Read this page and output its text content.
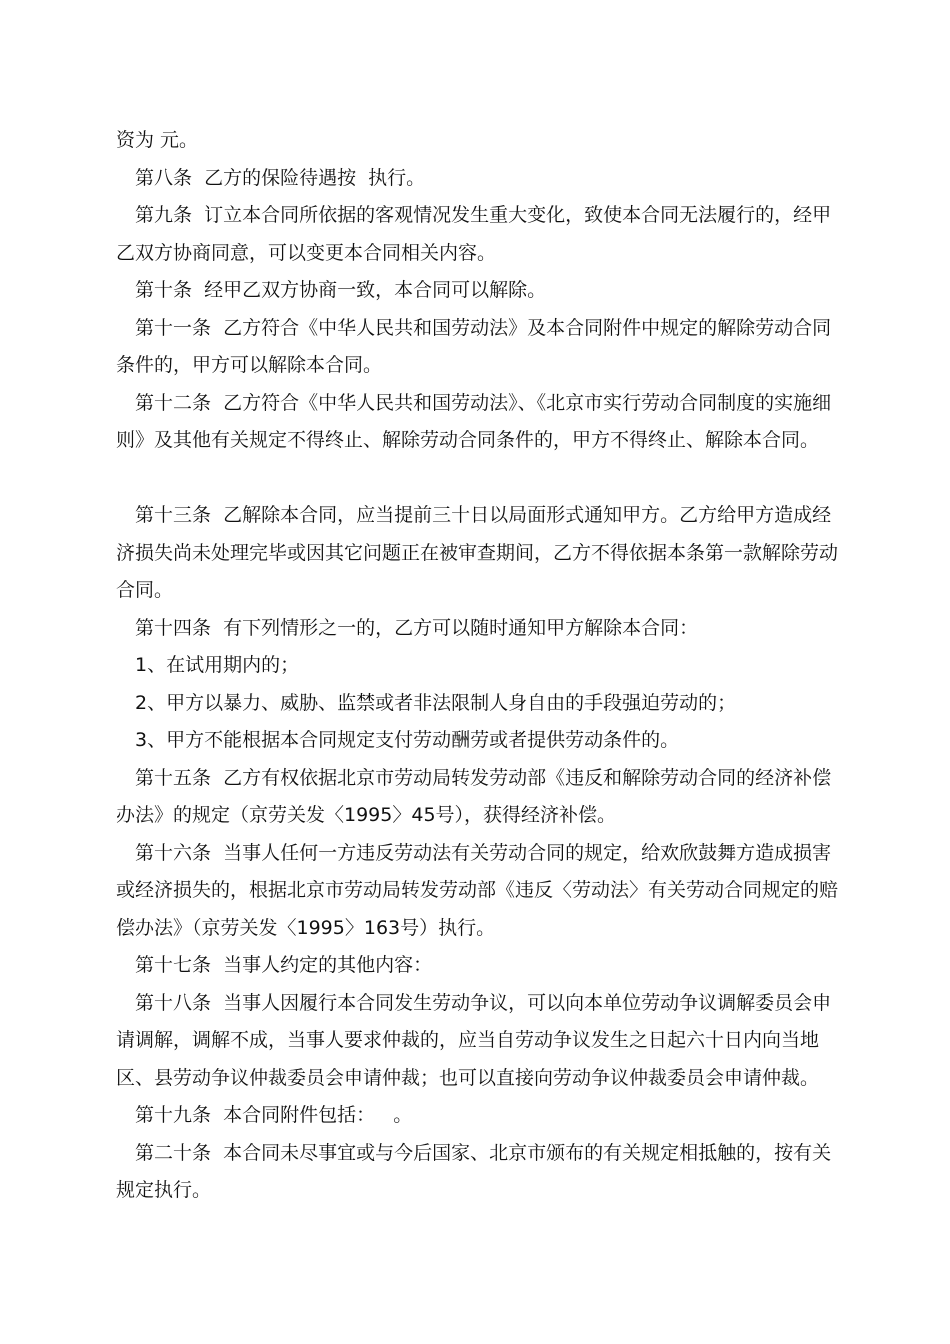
资为 元。

第八条  乙方的保险待遇按  执行。

第九条  订立本合同所依据的客观情况发生重大变化，致使本合同无法履行的，经甲乙双方协商同意，可以变更本合同相关内容。

第十条  经甲乙双方协商一致，本合同可以解除。

第十一条  乙方符合《中华人民共和国劳动法》及本合同附件中规定的解除劳动合同条件的，甲方可以解除本合同。

第十二条  乙方符合《中华人民共和国劳动法》、《北京市实行劳动合同制度的实施细则》及其他有关规定不得终止、解除劳动合同条件的，甲方不得终止、解除本合同。

第十三条  乙解除本合同，应当提前三十日以局面形式通知甲方。乙方给甲方造成经济损失尚未处理完毕或因其它问题正在被审查期间，乙方不得依据本条第一款解除劳动合同。

第十四条  有下列情形之一的，乙方可以随时通知甲方解除本合同：

1、在试用期内的；

2、甲方以暴力、威胁、监禁或者非法限制人身自由的手段强迫劳动的；

3、甲方不能根据本合同规定支付劳动酬劳或者提供劳动条件的。

第十五条  乙方有权依据北京市劳动局转发劳动部《违反和解除劳动合同的经济补偿办法》的规定（京劳关发〈1995〉45号），获得经济补偿。

第十六条  当事人任何一方违反劳动法有关劳动合同的规定，给欢欣鼓舞方造成损害或经济损失的，根据北京市劳动局转发劳动部《违反〈劳动法〉有关劳动合同规定的赔偿办法》（京劳关发〈1995〉163号）执行。

第十七条  当事人约定的其他内容：

第十八条  当事人因履行本合同发生劳动争议，可以向本单位劳动争议调解委员会申请调解，调解不成，当事人要求仲裁的，应当自劳动争议发生之日起六十日内向当地区、县劳动争议仲裁委员会申请仲裁；也可以直接向劳动争议仲裁委员会申请仲裁。

第十九条  本合同附件包括：   。

第二十条  本合同未尽事宜或与今后国家、北京市颁布的有关规定相抵触的，按有关规定执行。
